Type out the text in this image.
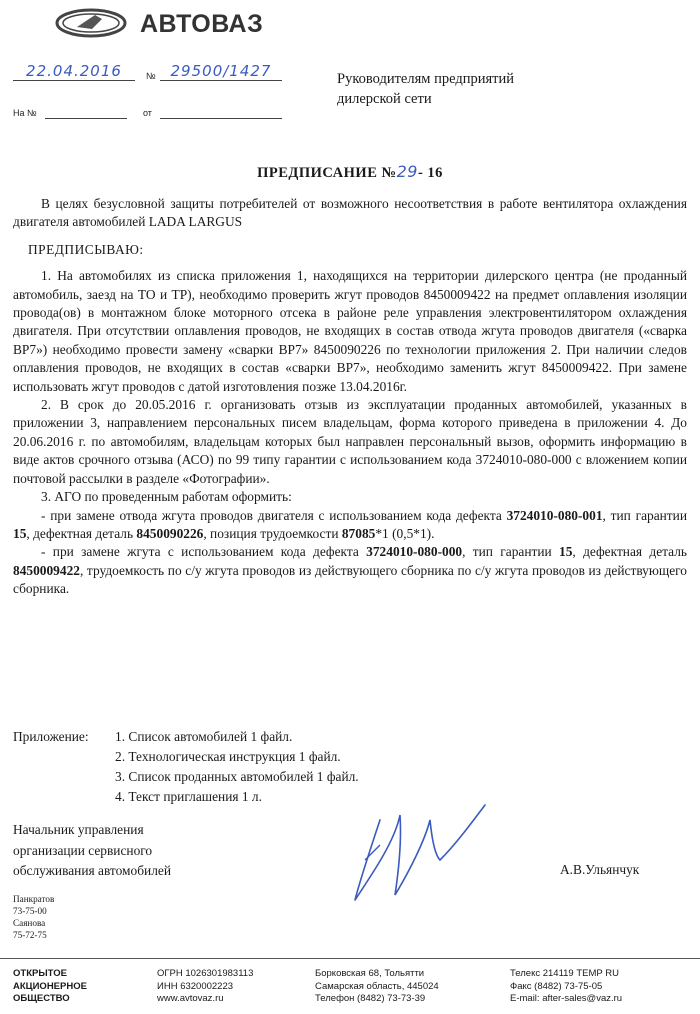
АВТОВАЗ
22.04.2016	№ 29500/1427
На №	от
Руководителям предприятий
дилерской сети
ПРЕДПИСАНИЕ №29- 16

В целях безусловной защиты потребителей от возможного несоответствия в работе вентилятора охлаждения двигателя автомобилей LADA LARGUS

ПРЕДПИСЫВАЮ:

1. На автомобилях из списка приложения 1, находящихся на территории дилерского центра (не проданный автомобиль, заезд на ТО и ТР), необходимо проверить жгут проводов 8450009422 на предмет оплавления изоляции провода(ов) в монтажном блоке моторного отсека в районе реле управления электровентилятором охлаждения двигателя. При отсутствии оплавления проводов, не входящих в состав отвода жгута проводов двигателя («сварка ВР7») необходимо провести замену «сварки ВР7» 8450090226 по технологии приложения 2. При наличии следов оплавления проводов, не входящих в состав «сварки ВР7», необходимо заменить жгут 8450009422. При замене использовать жгут проводов с датой изготовления позже 13.04.2016г.

2. В срок до 20.05.2016 г. организовать отзыв из эксплуатации проданных автомобилей, указанных в приложении 3, направлением персональных писем владельцам, форма которого приведена в приложении 4. До 20.06.2016 г. по автомобилям, владельцам которых был направлен персональный вызов, оформить информацию в виде актов срочного отзыва (АСО) по 99 типу гарантии с использованием кода 3724010-080-000 с вложением копии почтовой рассылки в разделе «Фотографии».

3. АГО по проведенным работам оформить:

- при замене отвода жгута проводов двигателя с использованием кода дефекта 3724010-080-001, тип гарантии 15, дефектная деталь 8450090226, позиция трудоемкости 87085*1 (0,5*1).

- при замене жгута с использованием кода дефекта 3724010-080-000, тип гарантии 15, дефектная деталь 8450009422, трудоемкость по с/у жгута проводов из действующего сборника по с/у жгута проводов из действующего сборника.

Приложение:	1. Список автомобилей 1 файл.
2. Технологическая инструкция 1 файл.
3. Список проданных автомобилей 1 файл.
4. Текст приглашения 1 л.
Начальник управления
организации сервисного
обслуживания автомобилей	А.В.Ульянчук
Панкратов
73-75-00
Саянова
75-72-75
ОТКРЫТОЕ
АКЦИОНЕРНОЕ
ОБЩЕСТВО
ОГРН 1026301983113
ИНН 6320002223
www.avtovaz.ru
Борковская 68, Тольятти
Самарская область, 445024
Телефон (8482) 73-73-39
Телекс 214119 TEMP RU
Факс (8482) 73-75-05
E-mail: after-sales@vaz.ru
